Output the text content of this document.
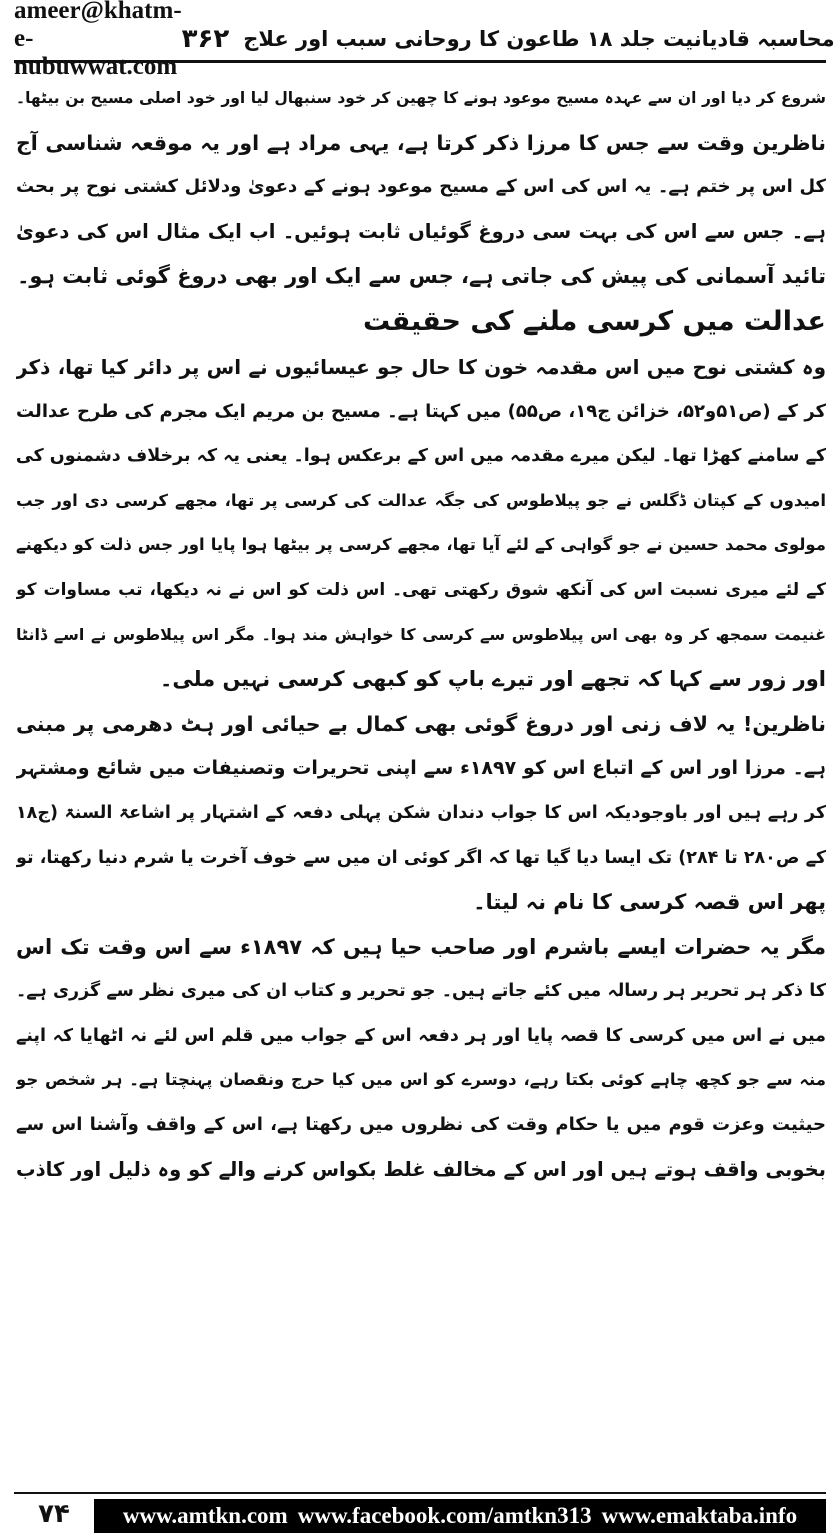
ameer@khatm-e-nubuwwat.com
محاسبہ قادیانیت جلد ۱۸ طاعون کا روحانی سبب اور علاج
۳۶۲
شروع کر دیا اور ان سے عہدہ مسیح موعود ہونے کا چھین کر خود سنبھال لیا اور خود اصلی مسیح بن بیٹھا۔
ناظرین وقت سے جس کا مرزا ذکر کرتا ہے، یہی مراد ہے اور یہ موقعہ شناسی آج
کل اس پر ختم ہے۔ یہ اس کی اس کے مسیح موعود ہونے کے دعویٰ ودلائل کشتی نوح پر بحث
ہے۔ جس سے اس کی بہت سی دروغ گوئیاں ثابت ہوئیں۔ اب ایک مثال اس کی دعویٰ
تائید آسمانی کی پیش کی جاتی ہے، جس سے ایک اور بھی دروغ گوئی ثابت ہو۔
عدالت میں کرسی ملنے کی حقیقت
وہ کشتی نوح میں اس مقدمہ خون کا حال جو عیسائیوں نے اس پر دائر کیا تھا، ذکر
کر کے (ص۵۱و۵۲، خزائن ج۱۹، ص۵۵) میں کہتا ہے۔ مسیح بن مریم ایک مجرم کی طرح عدالت
کے سامنے کھڑا تھا۔ لیکن میرے مقدمہ میں اس کے برعکس ہوا۔ یعنی یہ کہ برخلاف دشمنوں کی
امیدوں کے کپتان ڈگلس نے جو پیلاطوس کی جگہ عدالت کی کرسی پر تھا، مجھے کرسی دی اور جب
مولوی محمد حسین نے جو گواہی کے لئے آیا تھا، مجھے کرسی پر بیٹھا ہوا پایا اور جس ذلت کو دیکھنے
کے لئے میری نسبت اس کی آنکھ شوق رکھتی تھی۔ اس ذلت کو اس نے نہ دیکھا، تب مساوات کو
غنیمت سمجھ کر وہ بھی اس پیلاطوس سے کرسی کا خواہش مند ہوا۔ مگر اس پیلاطوس نے اسے ڈانٹا
اور زور سے کہا کہ تجھے اور تیرے باپ کو کبھی کرسی نہیں ملی۔
ناظرین! یہ لاف زنی اور دروغ گوئی بھی کمال بے حیائی اور ہٹ دھرمی پر مبنی
ہے۔ مرزا اور اس کے اتباع اس کو ۱۸۹۷ء سے اپنی تحریرات وتصنیفات میں شائع ومشتہر
کر رہے ہیں اور باوجودیکہ اس کا جواب دندان شکن پہلی دفعہ کے اشتہار پر اشاعۃ السنۃ (ج۱۸
کے ص۲۸۰ تا ۲۸۴) تک ایسا دیا گیا تھا کہ اگر کوئی ان میں سے خوف آخرت یا شرم دنیا رکھتا، تو
پھر اس قصہ کرسی کا نام نہ لیتا۔
مگر یہ حضرات ایسے باشرم اور صاحب حیا ہیں کہ ۱۸۹۷ء سے اس وقت تک اس
کا ذکر ہر تحریر ہر رسالہ میں کئے جاتے ہیں۔ جو تحریر و کتاب ان کی میری نظر سے گزری ہے۔
میں نے اس میں کرسی کا قصہ پایا اور ہر دفعہ اس کے جواب میں قلم اس لئے نہ اٹھایا کہ اپنے
منہ سے جو کچھ چاہے کوئی بکتا رہے، دوسرے کو اس میں کیا حرج ونقصان پہنچتا ہے۔ ہر شخص جو
حیثیت وعزت قوم میں یا حکام وقت کی نظروں میں رکھتا ہے، اس کے واقف وآشنا اس سے
بخوبی واقف ہوتے ہیں اور اس کے مخالف غلط بکواس کرنے والے کو وہ ذلیل اور کاذب
۷۴	www.amtkn.com www.facebook.com/amtkn313 www.emaktaba.info
